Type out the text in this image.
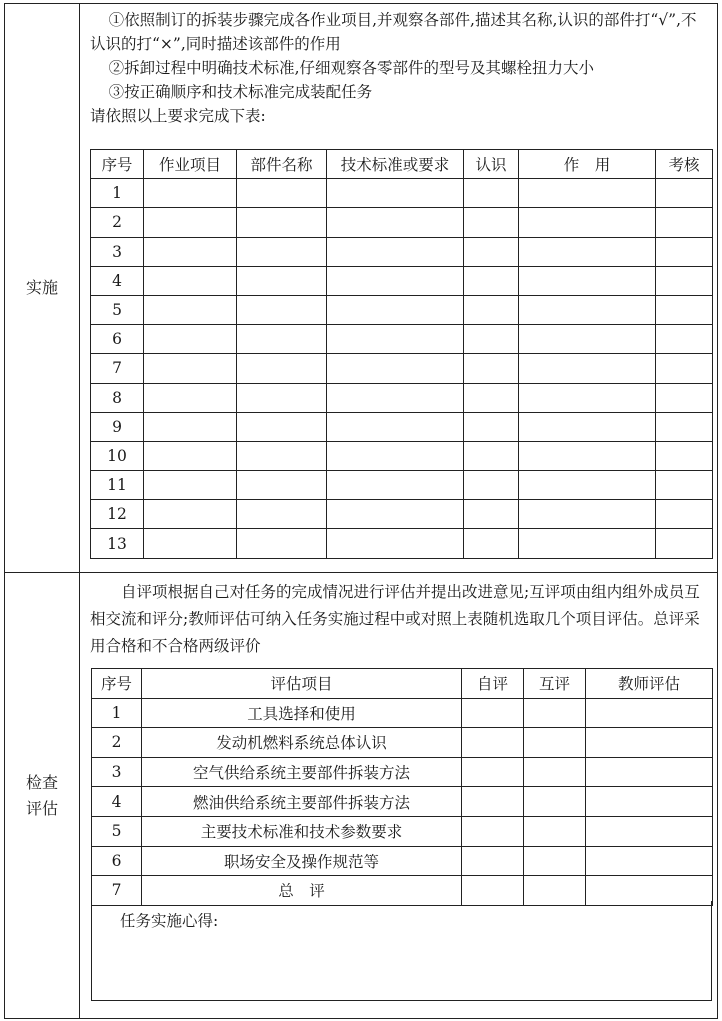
实施

①依照制订的拆装步骤完成各作业项目,并观察各部件,描述其名称,认识的部件打“√”,不认识的打“×”,同时描述该部件的作用

②拆卸过程中明确技术标准,仔细观察各零部件的型号及其螺栓扭力大小

③按正确顺序和技术标准完成装配任务

请依照以上要求完成下表:

序号	作业项目	部件名称	技术标准或要求	认识	作　用	考核
1						
2						
3						
4						
5						
6						
7						
8						
9						
10						
11						
12						
13						
检查
评估

自评项根据自己对任务的完成情况进行评估并提出改进意见;互评项由组内组外成员互相交流和评分;教师评估可纳入任务实施过程中或对照上表随机选取几个项目评估。总评采用合格和不合格两级评价

序号	评估项目	自评	互评	教师评估
1	工具选择和使用			
2	发动机燃料系统总体认识			
3	空气供给系统主要部件拆装方法			
4	燃油供给系统主要部件拆装方法			
5	主要技术标准和技术参数要求			
6	职场安全及操作规范等			
7	总　评			
任务实施心得:
